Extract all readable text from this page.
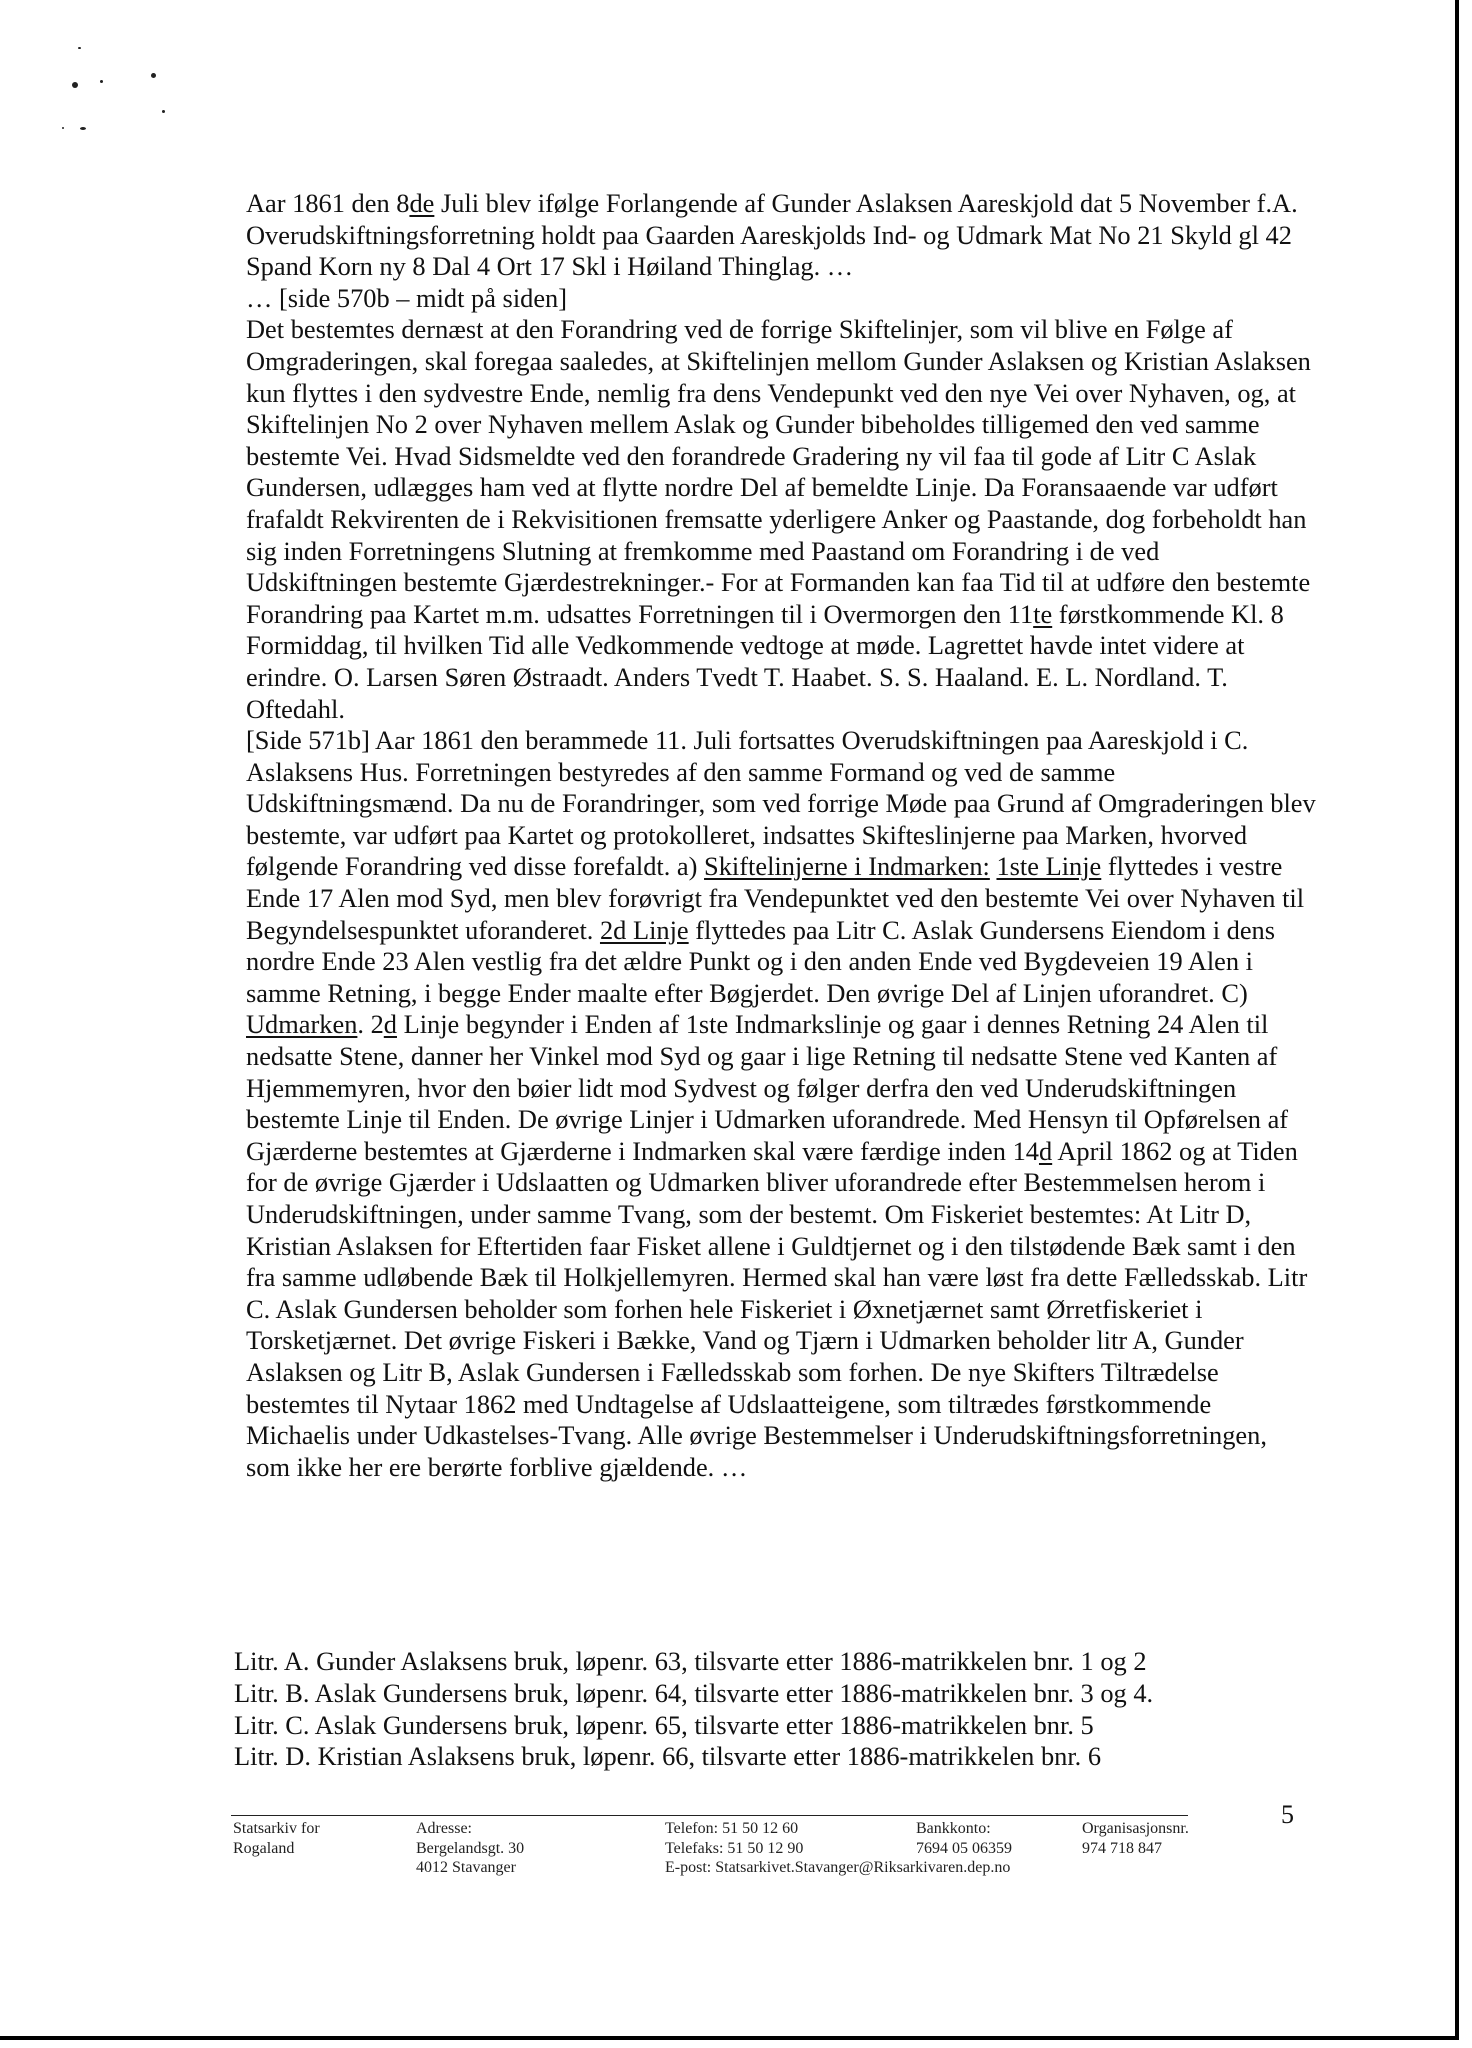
Aar 1861 den 8de Juli blev ifølge Forlangende af Gunder Aslaksen Aareskjold dat 5 November f.A. Overudskiftningsforretning holdt paa Gaarden Aareskjolds Ind- og Udmark Mat No 21 Skyld gl 42 Spand Korn ny 8 Dal 4 Ort 17 Skl i Høiland Thinglag. …

… [side 570b – midt på siden]

Det bestemtes dernæst at den Forandring ved de forrige Skiftelinjer, som vil blive en Følge af Omgraderingen, skal foregaa saaledes, at Skiftelinjen mellom Gunder Aslaksen og Kristian Aslaksen kun flyttes i den sydvestre Ende, nemlig fra dens Vendepunkt ved den nye Vei over Nyhaven, og, at Skiftelinjen No 2 over Nyhaven mellem Aslak og Gunder bibeholdes tilligemed den ved samme bestemte Vei. Hvad Sidsmeldte ved den forandrede Gradering ny vil faa til gode af Litr C Aslak Gundersen, udlægges ham ved at flytte nordre Del af bemeldte Linje. Da Foransaaende var udført frafaldt Rekvirenten de i Rekvisitionen fremsatte yderligere Anker og Paastande, dog forbeholdt han sig inden Forretningens Slutning at fremkomme med Paastand om Forandring i de ved Udskiftningen bestemte Gjærdestrekninger.- For at Formanden kan faa Tid til at udføre den bestemte Forandring paa Kartet m.m. udsattes Forretningen til i Overmorgen den 11te førstkommende Kl. 8 Formiddag, til hvilken Tid alle Vedkommende vedtoge at møde. Lagrettet havde intet videre at erindre. O. Larsen Søren Østraadt. Anders Tvedt T. Haabet. S. S. Haaland. E. L. Nordland. T. Oftedahl.

[Side 571b] Aar 1861 den berammede 11. Juli fortsattes Overudskiftningen paa Aareskjold i C. Aslaksens Hus. Forretningen bestyredes af den samme Formand og ved de samme Udskiftningsmænd. Da nu de Forandringer, som ved forrige Møde paa Grund af Omgraderingen blev bestemte, var udført paa Kartet og protokolleret, indsattes Skifteslinjerne paa Marken, hvorved følgende Forandring ved disse forefaldt. a) Skiftelinjerne i Indmarken: 1ste Linje flyttedes i vestre Ende 17 Alen mod Syd, men blev forøvrigt fra Vendepunktet ved den bestemte Vei over Nyhaven til Begyndelsespunktet uforanderet. 2d Linje flyttedes paa Litr C. Aslak Gundersens Eiendom i dens nordre Ende 23 Alen vestlig fra det ældre Punkt og i den anden Ende ved Bygdeveien 19 Alen i samme Retning, i begge Ender maalte efter Bøgjerdet. Den øvrige Del af Linjen uforandret. C) Udmarken. 2d Linje begynder i Enden af 1ste Indmarkslinje og gaar i dennes Retning 24 Alen til nedsatte Stene, danner her Vinkel mod Syd og gaar i lige Retning til nedsatte Stene ved Kanten af Hjemmemyren, hvor den bøier lidt mod Sydvest og følger derfra den ved Underudskiftningen bestemte Linje til Enden. De øvrige Linjer i Udmarken uforandrede. Med Hensyn til Opførelsen af Gjærderne bestemtes at Gjærderne i Indmarken skal være færdige inden 14d April 1862 og at Tiden for de øvrige Gjærder i Udslaatten og Udmarken bliver uforandrede efter Bestemmelsen herom i Underudskiftningen, under samme Tvang, som der bestemt. Om Fiskeriet bestemtes: At Litr D, Kristian Aslaksen for Eftertiden faar Fisket allene i Guldtjernet og i den tilstødende Bæk samt i den fra samme udløbende Bæk til Holkjellemyren. Hermed skal han være løst fra dette Fælledsskab. Litr C. Aslak Gundersen beholder som forhen hele Fiskeriet i Øxnetjærnet samt Ørretfiskeriet i Torsketjærnet. Det øvrige Fiskeri i Bække, Vand og Tjærn i Udmarken beholder litr A, Gunder Aslaksen og Litr B, Aslak Gundersen i Fælledsskab som forhen. De nye Skifters Tiltrædelse bestemtes til Nytaar 1862 med Undtagelse af Udslaatteigene, som tiltrædes førstkommende Michaelis under Udkastelses-Tvang. Alle øvrige Bestemmelser i Underudskiftningsforretningen, som ikke her ere berørte forblive gjældende. …

Litr. A. Gunder Aslaksens bruk, løpenr. 63, tilsvarte etter 1886-matrikkelen bnr. 1 og 2
Litr. B. Aslak Gundersens bruk, løpenr. 64, tilsvarte etter 1886-matrikkelen bnr. 3 og 4.
Litr. C. Aslak Gundersens bruk, løpenr. 65, tilsvarte etter 1886-matrikkelen bnr. 5
Litr. D. Kristian Aslaksens bruk, løpenr. 66, tilsvarte etter 1886-matrikkelen bnr. 6
Statsarkiv for
Rogaland
Adresse:
Bergelandsgt. 30
4012 Stavanger
Telefon: 51 50 12 60
Telefaks: 51 50 12 90
E-post: Statsarkivet.Stavanger@Riksarkivaren.dep.no
Bankkonto:
7694 05 06359
Organisasjonsnr.
974 718 847
5
